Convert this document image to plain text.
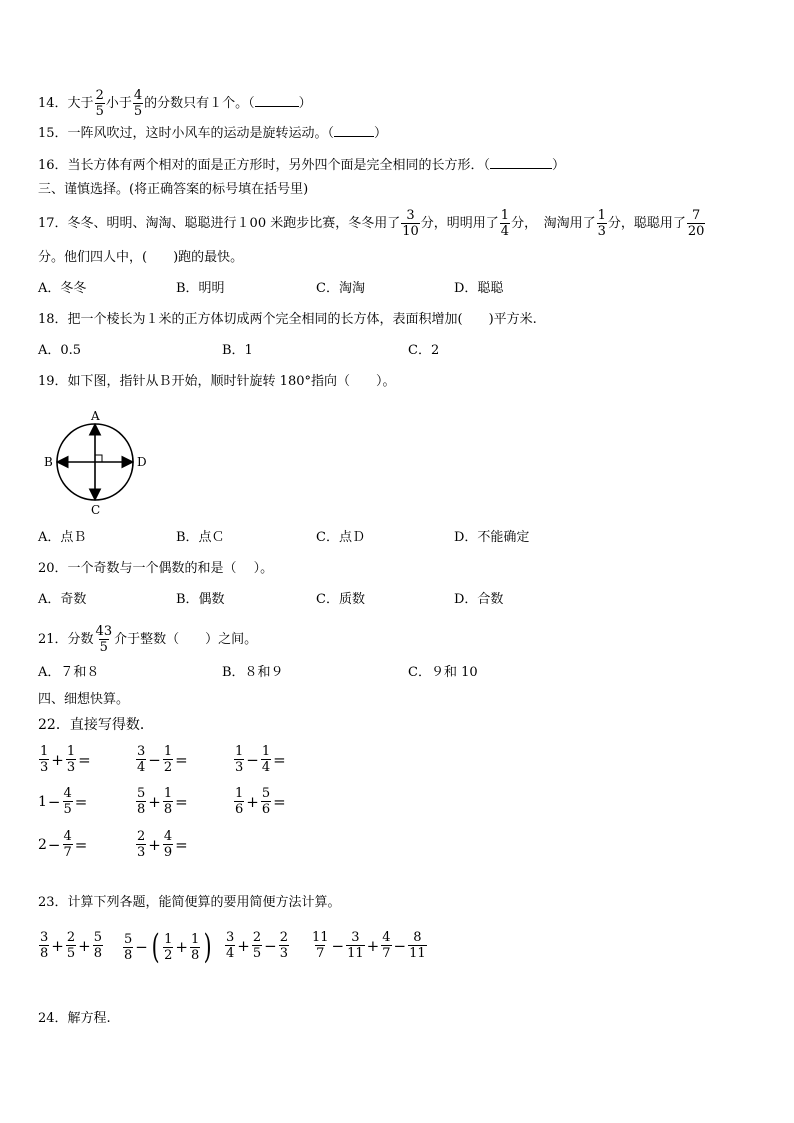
14．大于 $\frac{2}{5}$ 小于 $\frac{4}{5}$ 的分数只有１个。（	）
15．一阵风吹过，这时小风车的运动是旋转运动。（	）
16．当长方体有两个相对的面是正方形时，另外四个面是完全相同的长方形．（	）
三、谨慎选择。(将正确答案的标号填在括号里)
17．冬冬、明明、淘淘、聪聪进行１00 米跑步比赛，冬冬用了 $\frac{3}{10}$ 分，明明用了 $\frac{1}{4}$ 分，　淘淘用了 $\frac{1}{3}$ 分，聪聪用了 $\frac{7}{20}$
分。他们四人中，(　　)跑的最快。
A．冬冬	B．明明	C．淘淘	D．聪聪
18．把一个棱长为１米的正方体切成两个完全相同的长方体，表面积增加(　　)平方米.
A．0.5	B．1	C．2
19．如下图，指针从Ｂ开始，顺时针旋转 180°指向（　　）。
A
B
C
D
A．点Ｂ	B．点Ｃ	C．点Ｄ	D．不能确定
20．一个奇数与一个偶数的和是（　 ）。
A．奇数	B．偶数	C．质数	D．合数
21．分数 $\frac{43}{5}$ 介于整数（　　）之间。
A．７和８	B．８和９	C．９和 10
四、细想快算。
22．直接写得数．
$\frac{1}{3} + \frac{1}{3}$ =	$\frac{3}{4} - \frac{1}{2}$ =	$\frac{1}{3} - \frac{1}{4}$ =
$1 - \frac{4}{5}$ =	$\frac{5}{8} + \frac{1}{8}$ =	$\frac{1}{6} + \frac{5}{6}$ =
$2 - \frac{4}{7}$ =	$\frac{2}{3} + \frac{4}{9}$ =
23．计算下列各题，能简便算的要用简便方法计算。
$\frac{3}{8} + \frac{2}{5} + \frac{5}{8} \frac{5}{8}$ − ( $\frac{1}{2} + \frac{1}{8}$ ) $\frac{3}{4} + \frac{2}{5} - \frac{2}{3} \frac{11}{7} - \frac{3}{11} + \frac{4}{7} - \frac{8}{11}$
24．解方程.
